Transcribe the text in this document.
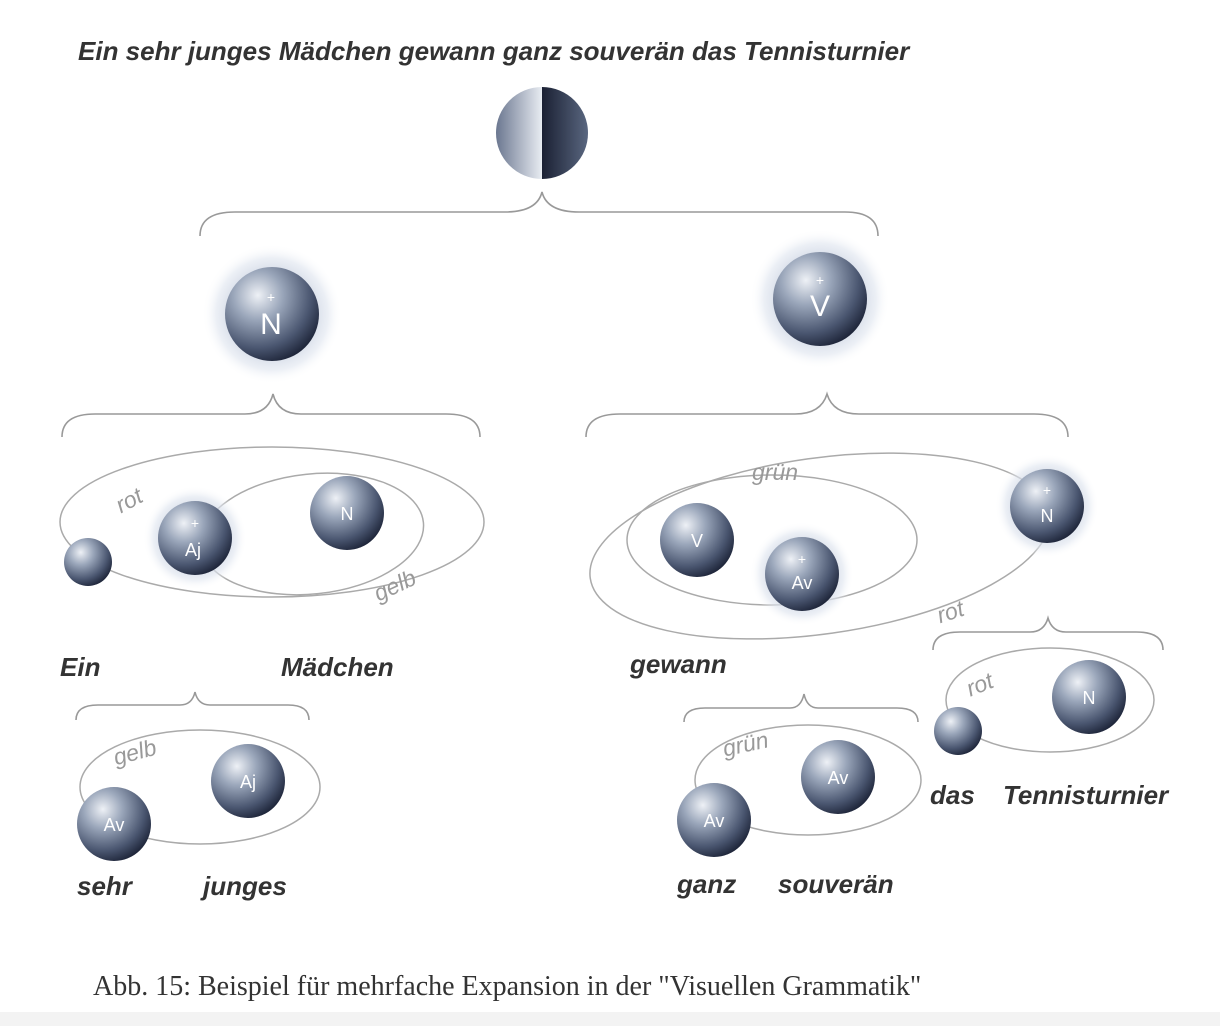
Ein sehr junges Mädchen gewann ganz souverän das Tennisturnier
+
N
+
V
rot
gelb
+
Aj
N
grün
rot
V
+
Av
+
N
Ein	Mädchen	gewann
rot	N
das Tennisturnier
gelb
Av
Aj
sehr	junges
grün
Av
Av
ganz souverän
Abb. 15: Beispiel für mehrfache Expansion in der "Visuellen Grammatik"
